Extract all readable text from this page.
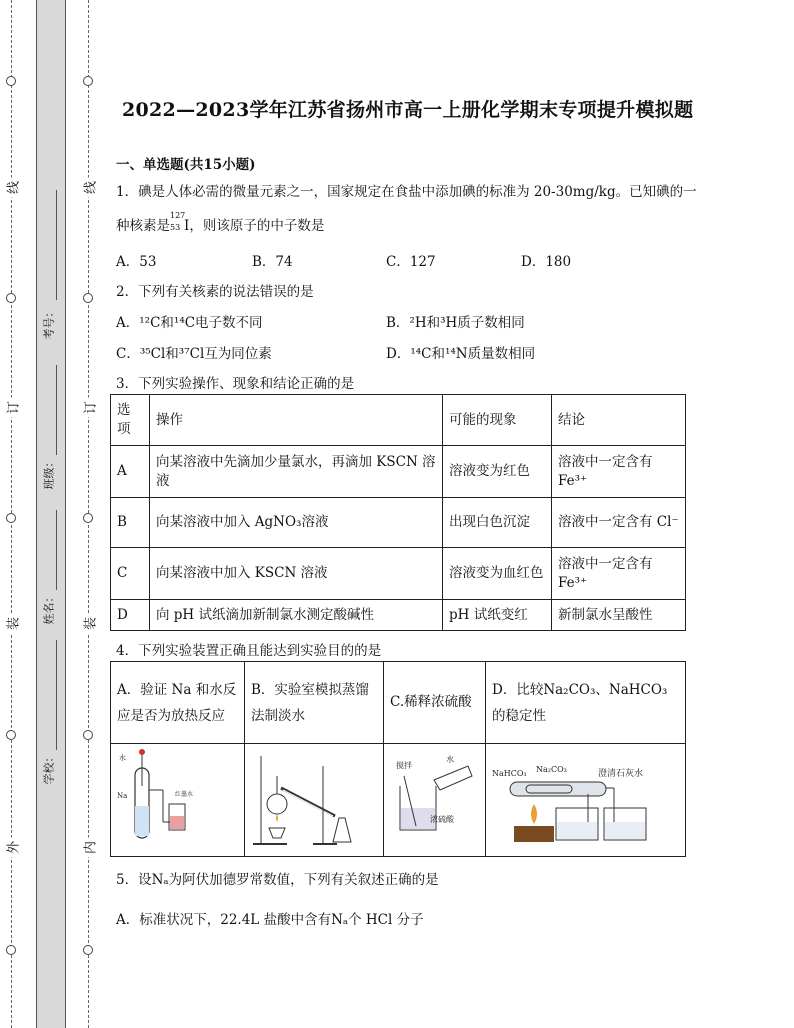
线
订
装
外
线
订
装
内
考号：
班级：
姓名：
学校：
2022—2023学年江苏省扬州市高一上册化学期末专项提升模拟题
一、单选题(共15小题)
1．碘是人体必需的微量元素之一，国家规定在食盐中添加碘的标准为 20-30mg/kg。已知碘的一
种核素是
127
53 I，则该原子的中子数是
A．53	B．74	C．127	D．180
2．下列有关核素的说法错误的是
A．¹²C和¹⁴C电子数不同	B．²H和³H质子数相同
C．³⁵Cl和³⁷Cl互为同位素	D．¹⁴C和¹⁴N质量数相同
3．下列实验操作、现象和结论正确的是
选项	操作	可能的现象	结论
A	向某溶液中先滴加少量氯水，再滴加 KSCN 溶液	溶液变为红色	溶液中一定含有 Fe³⁺
B	向某溶液中加入 AgNO₃溶液	出现白色沉淀	溶液中一定含有 Cl⁻
C	向某溶液中加入 KSCN 溶液	溶液变为血红色	溶液中一定含有 Fe³⁺
D	向 pH 试纸滴加新制氯水测定酸碱性	pH 试纸变红	新制氯水呈酸性
4．下列实验装置正确且能达到实验目的的是
A．验证 Na 和水反应是否为放热反应	B．实验室模拟蒸馏法制淡水	C.稀释浓硫酸	D．比较Na₂CO₃、NaHCO₃的稳定性

水
Na 红墨水		搅拌
水
浓硫酸	NaHCO₃ Na₂CO₃ 澄清石灰水
5．设Nₐ为阿伏加德罗常数值，下列有关叙述正确的是
A．标准状况下，22.4L 盐酸中含有Nₐ个 HCl 分子
